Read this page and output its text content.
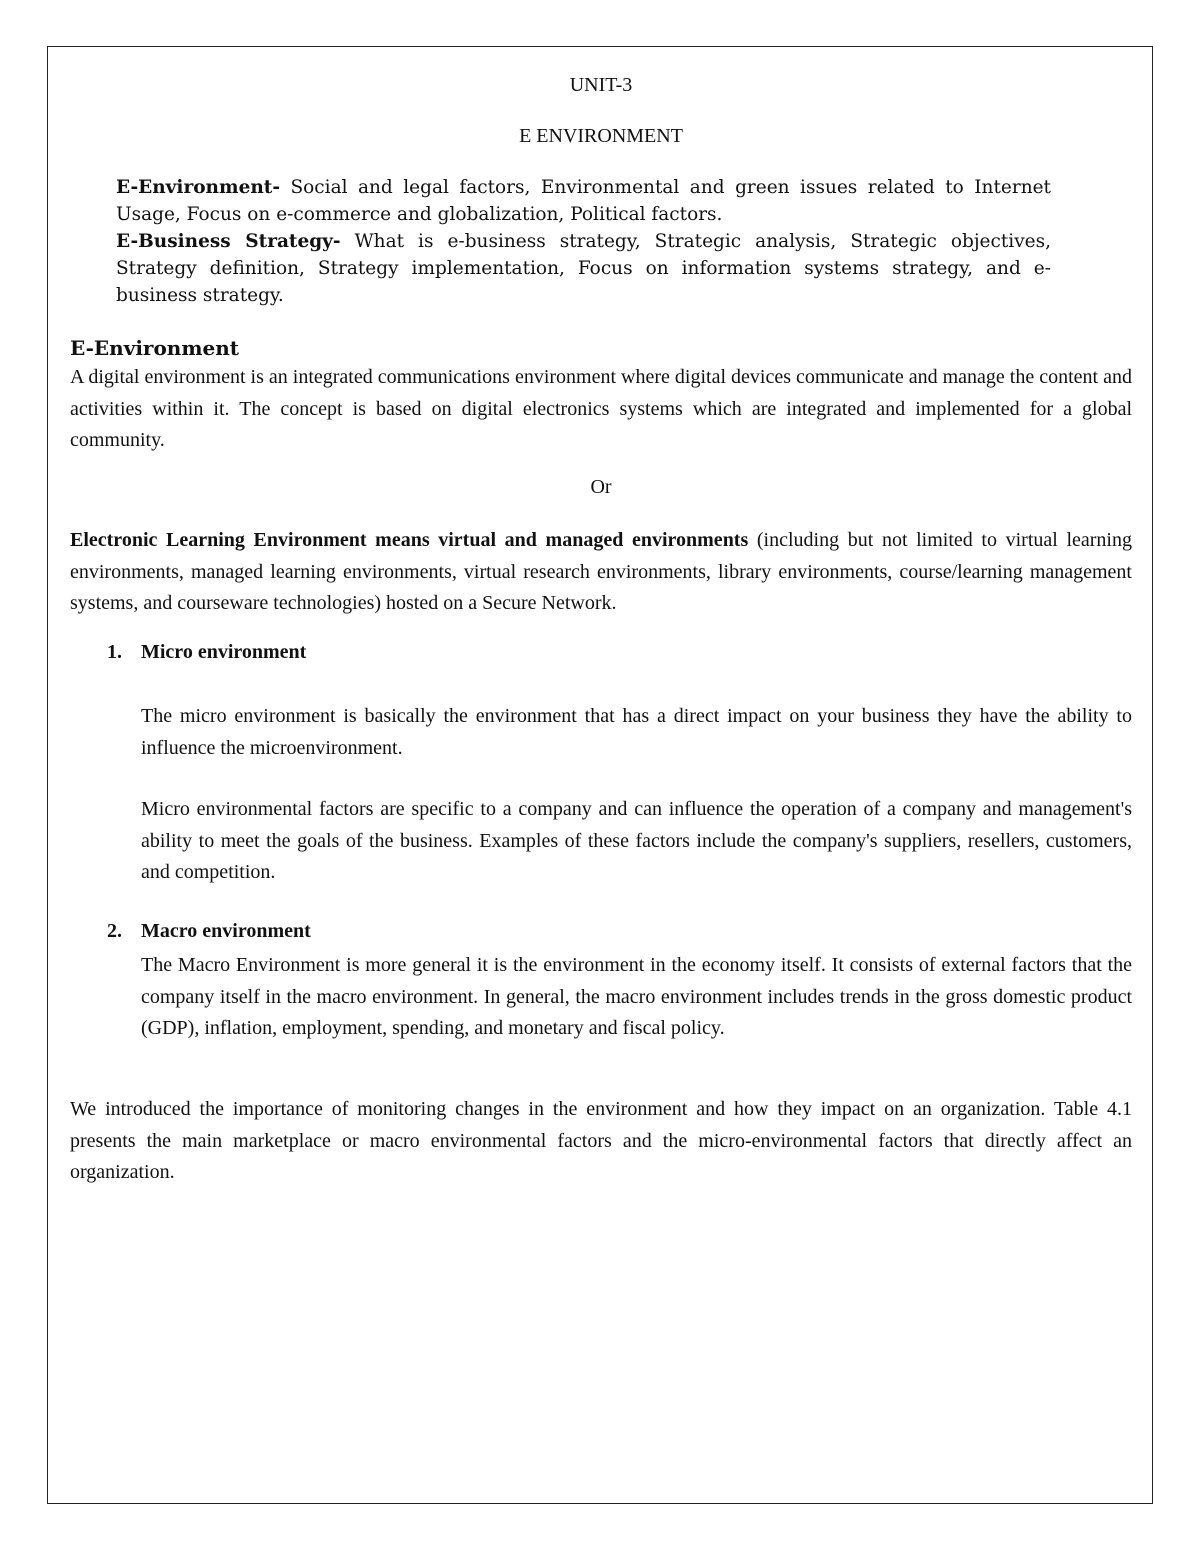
UNIT-3
E ENVIRONMENT

E-Environment- Social and legal factors, Environmental and green issues related to Internet Usage, Focus on e-commerce and globalization, Political factors.

E-Business Strategy- What is e-business strategy, Strategic analysis, Strategic objectives, Strategy definition, Strategy implementation, Focus on information systems strategy, and e-business strategy.

E-Environment

A digital environment is an integrated communications environment where digital devices communicate and manage the content and activities within it. The concept is based on digital electronics systems which are integrated and implemented for a global community.

Or

Electronic Learning Environment means virtual and managed environments (including but not limited to virtual learning environments, managed learning environments, virtual research environments, library environments, course/learning management systems, and courseware technologies) hosted on a Secure Network.

1. Micro environment

The micro environment is basically the environment that has a direct impact on your business they have the ability to influence the microenvironment.

Micro environmental factors are specific to a company and can influence the operation of a company and management's ability to meet the goals of the business. Examples of these factors include the company's suppliers, resellers, customers, and competition.

2. Macro environment

The Macro Environment is more general it is the environment in the economy itself. It consists of external factors that the company itself in the macro environment. In general, the macro environment includes trends in the gross domestic product (GDP), inflation, employment, spending, and monetary and fiscal policy.

We introduced the importance of monitoring changes in the environment and how they impact on an organization. Table 4.1 presents the main marketplace or macro environmental factors and the micro-environmental factors that directly affect an organization.
